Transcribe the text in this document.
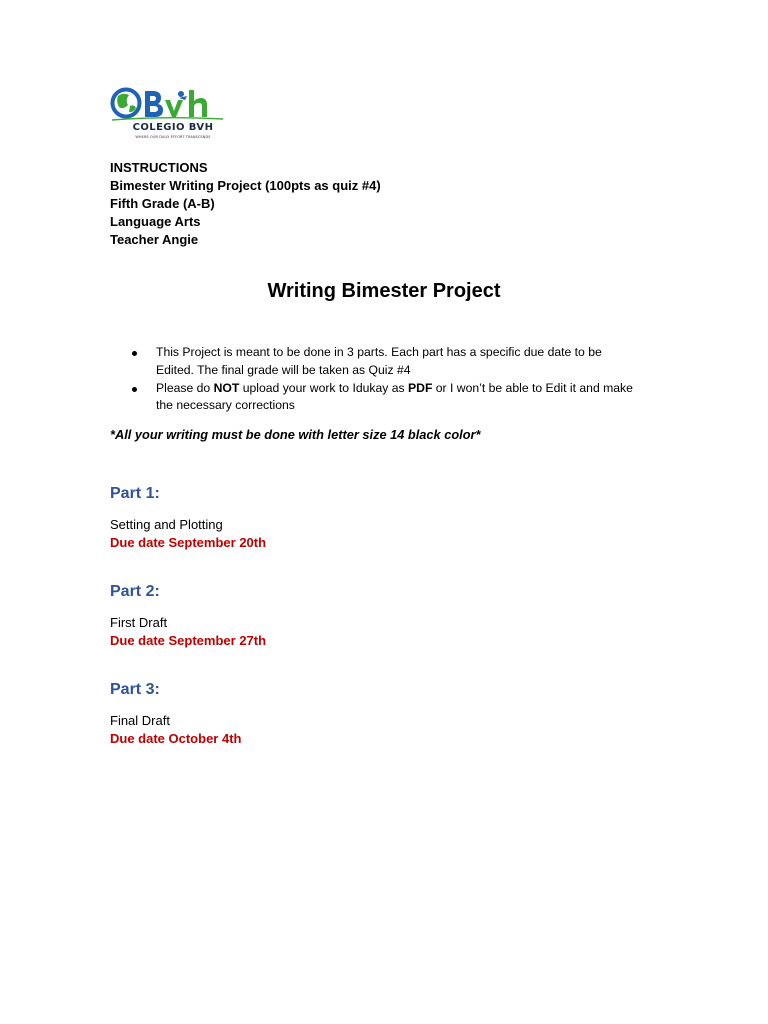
COLEGIO BVH
WHERE OUR DAILY EFFORT TRANSCENDS
INSTRUCTIONS
Bimester Writing Project (100pts as quiz #4)
Fifth Grade (A-B)
Language Arts
Teacher Angie
Writing Bimester Project
This Project is meant to be done in 3 parts. Each part has a specific due date to be Edited. The final grade will be taken as Quiz #4
Please do NOT upload your work to Idukay as PDF or I won’t be able to Edit it and make the necessary corrections
*All your writing must be done with letter size 14 black color*
Part 1:
Setting and Plotting
Due date September 20th
Part 2:
First Draft
Due date September 27th
Part 3:
Final Draft
Due date October 4th
